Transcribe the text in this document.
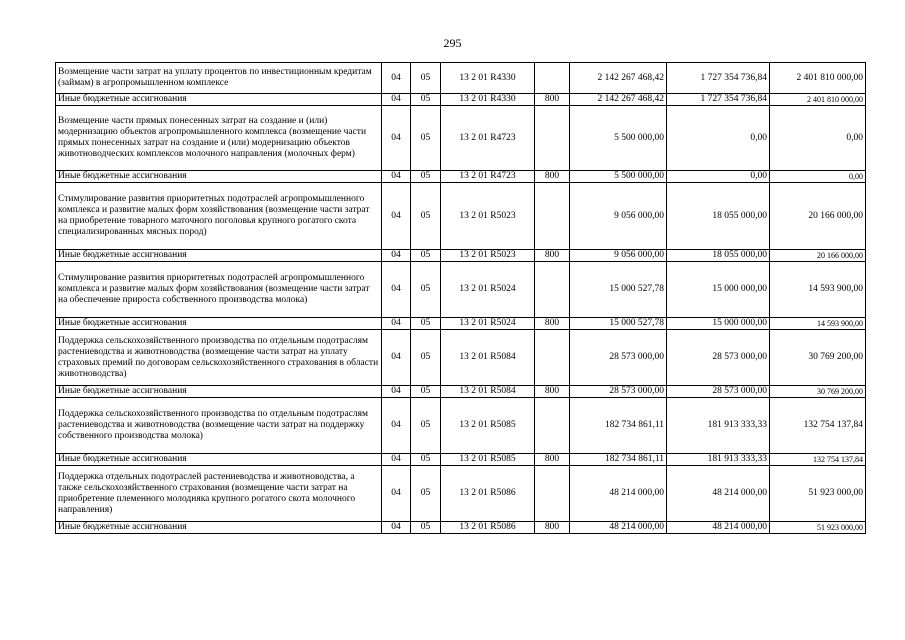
295
Возмещение части затрат на уплату процентов по инвестиционным кредитам (займам) в агропромышленном комплексе	04	05	13 2 01 R4330		2 142 267 468,42	1 727 354 736,84	2 401 810 000,00
Иные бюджетные ассигнования	04	05	13 2 01 R4330	800	2 142 267 468,42	1 727 354 736,84	2 401 810 000,00
Возмещение части прямых понесенных затрат на создание и (или) модернизацию объектов агропромышленного комплекса (возмещение части прямых понесенных затрат на создание и (или) модернизацию объектов животноводческих комплексов молочного направления (молочных ферм)	04	05	13 2 01 R4723		5 500 000,00	0,00	0,00
Иные бюджетные ассигнования	04	05	13 2 01 R4723	800	5 500 000,00	0,00	0,00
Стимулирование развития приоритетных подотраслей агропромышленного комплекса и развитие малых форм хозяйствования (возмещение части затрат на приобретение товарного маточного поголовья крупного рогатого скота специализированных мясных пород)	04	05	13 2 01 R5023		9 056 000,00	18 055 000,00	20 166 000,00
Иные бюджетные ассигнования	04	05	13 2 01 R5023	800	9 056 000,00	18 055 000,00	20 166 000,00
Стимулирование развития приоритетных подотраслей агропромышленного комплекса и развитие малых форм хозяйствования (возмещение части затрат на обеспечение прироста собственного производства молока)	04	05	13 2 01 R5024		15 000 527,78	15 000 000,00	14 593 900,00
Иные бюджетные ассигнования	04	05	13 2 01 R5024	800	15 000 527,78	15 000 000,00	14 593 900,00
Поддержка сельскохозяйственного производства по отдельным подотраслям растениеводства и животноводства (возмещение части затрат на уплату страховых премий по договорам сельскохозяйственного страхования в области животноводства)	04	05	13 2 01 R5084		28 573 000,00	28 573 000,00	30 769 200,00
Иные бюджетные ассигнования	04	05	13 2 01 R5084	800	28 573 000,00	28 573 000,00	30 769 200,00
Поддержка сельскохозяйственного производства по отдельным подотраслям растениеводства и животноводства (возмещение части затрат на поддержку собственного производства молока)	04	05	13 2 01 R5085		182 734 861,11	181 913 333,33	132 754 137,84
Иные бюджетные ассигнования	04	05	13 2 01 R5085	800	182 734 861,11	181 913 333,33	132 754 137,84
Поддержка отдельных подотраслей растениеводства и животноводства, а также сельскохозяйственного страхования (возмещение части затрат на приобретение племенного молодняка крупного рогатого скота молочного направления)	04	05	13 2 01 R5086		48 214 000,00	48 214 000,00	51 923 000,00
Иные бюджетные ассигнования	04	05	13 2 01 R5086	800	48 214 000,00	48 214 000,00	51 923 000,00
